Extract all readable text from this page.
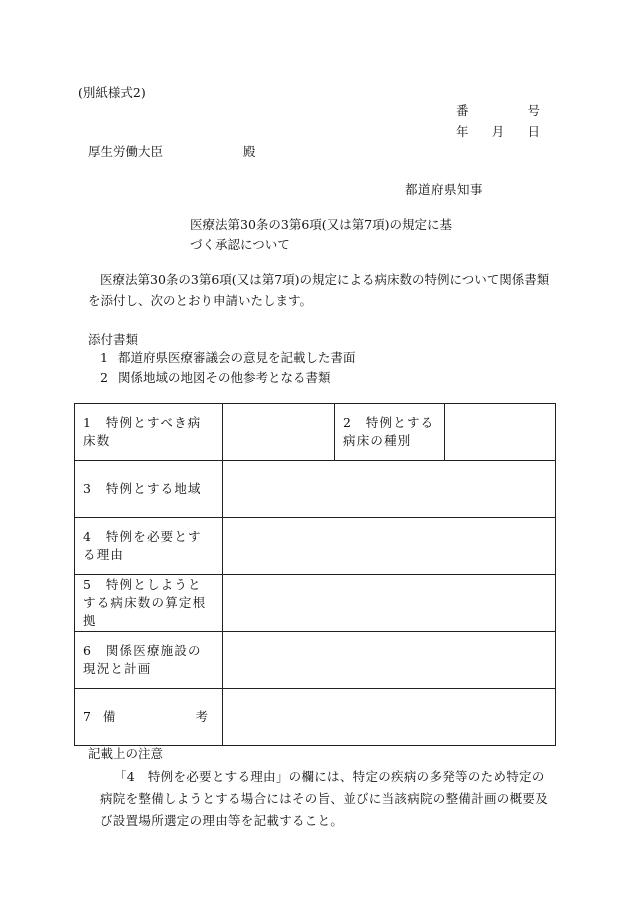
(別紙様式2)
番	号
年 月 日
厚生労働大臣	殿
都道府県知事
医療法第30条の3第6項(又は第7項)の規定に基
づく承認について
医療法第30条の3第6項(又は第7項)の規定による病床数の特例について関係書類を添付し、次のとおり申請いたします。
添付書類
1 都道府県医療審議会の意見を記載した書面
2 関係地域の地図その他参考となる書類
1　特例とすべき病床数		2　特例とする病床の種別	
3　特例とする地域			
4　特例を必要とする理由			
5　特例としようとする病床数の算定根拠			
6　関係医療施設の現況と計画			

7 備 考			

記載上の注意
「4　特例を必要とする理由」の欄には、特定の疾病の多発等のため特定の病院を整備しようとする場合にはその旨、並びに当該病院の整備計画の概要及び設置場所選定の理由等を記載すること。
